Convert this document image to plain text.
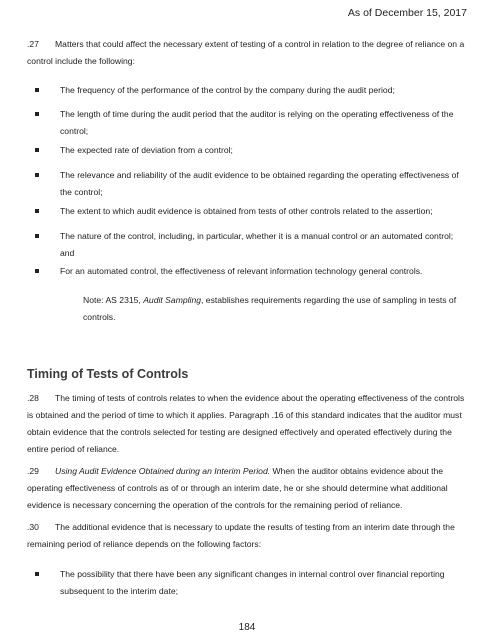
As of December 15, 2017
.27 Matters that could affect the necessary extent of testing of a control in relation to the degree of reliance on a control include the following:
The frequency of the performance of the control by the company during the audit period;
The length of time during the audit period that the auditor is relying on the operating effectiveness of the control;
The expected rate of deviation from a control;
The relevance and reliability of the audit evidence to be obtained regarding the operating effectiveness of the control;
The extent to which audit evidence is obtained from tests of other controls related to the assertion;
The nature of the control, including, in particular, whether it is a manual control or an automated control; and
For an automated control, the effectiveness of relevant information technology general controls.
Note: AS 2315, Audit Sampling, establishes requirements regarding the use of sampling in tests of controls.
Timing of Tests of Controls
.28 The timing of tests of controls relates to when the evidence about the operating effectiveness of the controls is obtained and the period of time to which it applies. Paragraph .16 of this standard indicates that the auditor must obtain evidence that the controls selected for testing are designed effectively and operated effectively during the entire period of reliance.
.29 Using Audit Evidence Obtained during an Interim Period. When the auditor obtains evidence about the operating effectiveness of controls as of or through an interim date, he or she should determine what additional evidence is necessary concerning the operation of the controls for the remaining period of reliance.
.30 The additional evidence that is necessary to update the results of testing from an interim date through the remaining period of reliance depends on the following factors:
The possibility that there have been any significant changes in internal control over financial reporting subsequent to the interim date;
184
